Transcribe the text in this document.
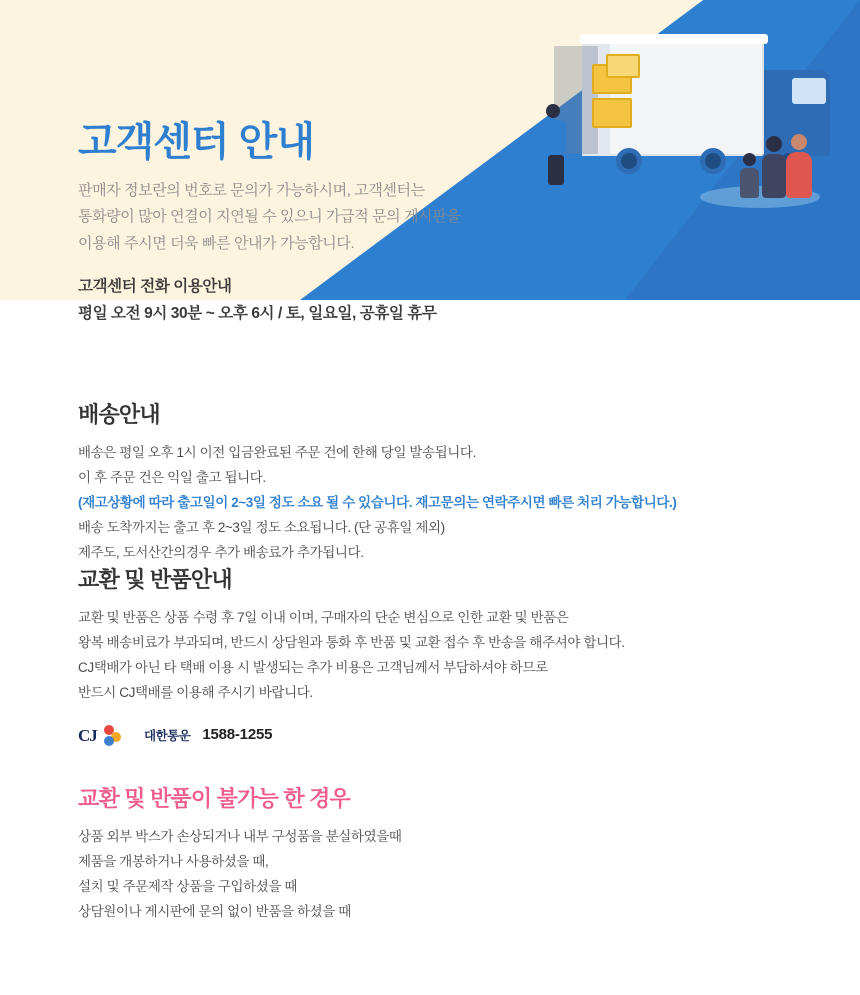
고객센터 안내

판매자 정보란의 번호로 문의가 가능하시며, 고객센터는
통화량이 많아 연결이 지연될 수 있으니 가급적 문의 게시판을
이용해 주시면 더욱 빠른 안내가 가능합니다.

고객센터 전화 이용안내
평일 오전 9시 30분 ~ 오후 6시 / 토, 일요일, 공휴일 휴무
배송안내
배송은 평일 오후 1시 이전 입금완료된 주문 건에 한해 당일 발송됩니다.
이 후 주문 건은 익일 출고 됩니다.
(재고상황에 따라 출고일이 2~3일 정도 소요 될 수 있습니다. 재고문의는 연락주시면 빠른 처리 가능합니다.)
배송 도착까지는 출고 후 2~3일 정도 소요됩니다. (단 공휴일 제외)
제주도, 도서산간의경우 추가 배송료가 추가됩니다.
교환 및 반품안내
교환 및 반품은 상품 수령 후 7일 이내 이며, 구매자의 단순 변심으로 인한 교환 및 반품은
왕복 배송비료가 부과되며, 반드시 상담원과 통화 후 반품 및 교환 접수 후 반송을 해주셔야 합니다.
CJ택배가 아닌 타 택배 이용 시 발생되는 추가 비용은 고객님께서 부담하셔야 하므로
반드시 CJ택배를 이용해 주시기 바랍니다.
CJ	대한통운 1588-1255
교환 및 반품이 불가능 한 경우
상품 외부 박스가 손상되거나 내부 구성품을 분실하였을때
제품을 개봉하거나 사용하셨을 때,
설치 및 주문제작 상품을 구입하셨을 때
상담원이나 게시판에 문의 없이 반품을 하셨을 때
